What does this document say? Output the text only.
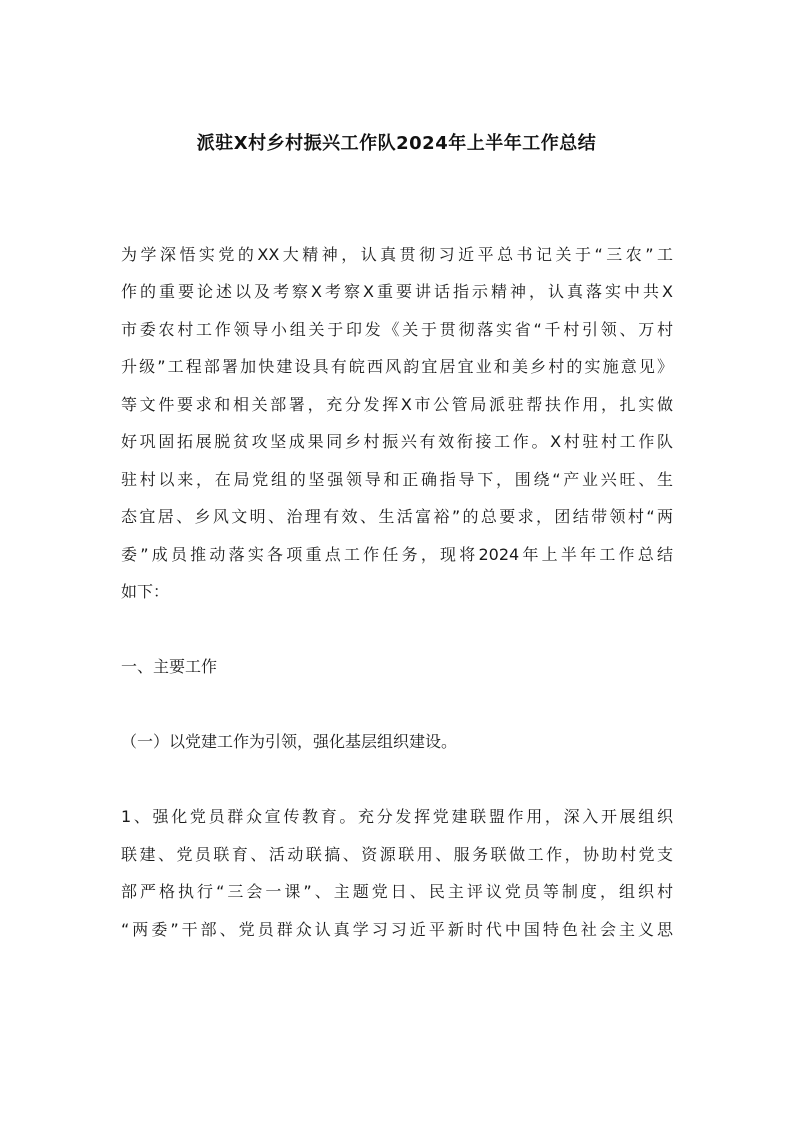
派驻X村乡村振兴工作队2024年上半年工作总结
为学深悟实党的XX大精神，认真贯彻习近平总书记关于“三农”工
作的重要论述以及考察X考察X重要讲话指示精神，认真落实中共X
市委农村工作领导小组关于印发《关于贯彻落实省“千村引领、万村
升级”工程部署加快建设具有皖西风韵宜居宜业和美乡村的实施意见》
等文件要求和相关部署，充分发挥X市公管局派驻帮扶作用，扎实做
好巩固拓展脱贫攻坚成果同乡村振兴有效衔接工作。X村驻村工作队
驻村以来，在局党组的坚强领导和正确指导下，围绕“产业兴旺、生
态宜居、乡风文明、治理有效、生活富裕”的总要求，团结带领村“两
委”成员推动落实各项重点工作任务，现将2024年上半年工作总结
如下：
一、主要工作
（一）以党建工作为引领，强化基层组织建设。
1、强化党员群众宣传教育。充分发挥党建联盟作用，深入开展组织
联建、党员联育、活动联搞、资源联用、服务联做工作，协助村党支
部严格执行“三会一课”、主题党日、民主评议党员等制度，组织村
“两委”干部、党员群众认真学习习近平新时代中国特色社会主义思
